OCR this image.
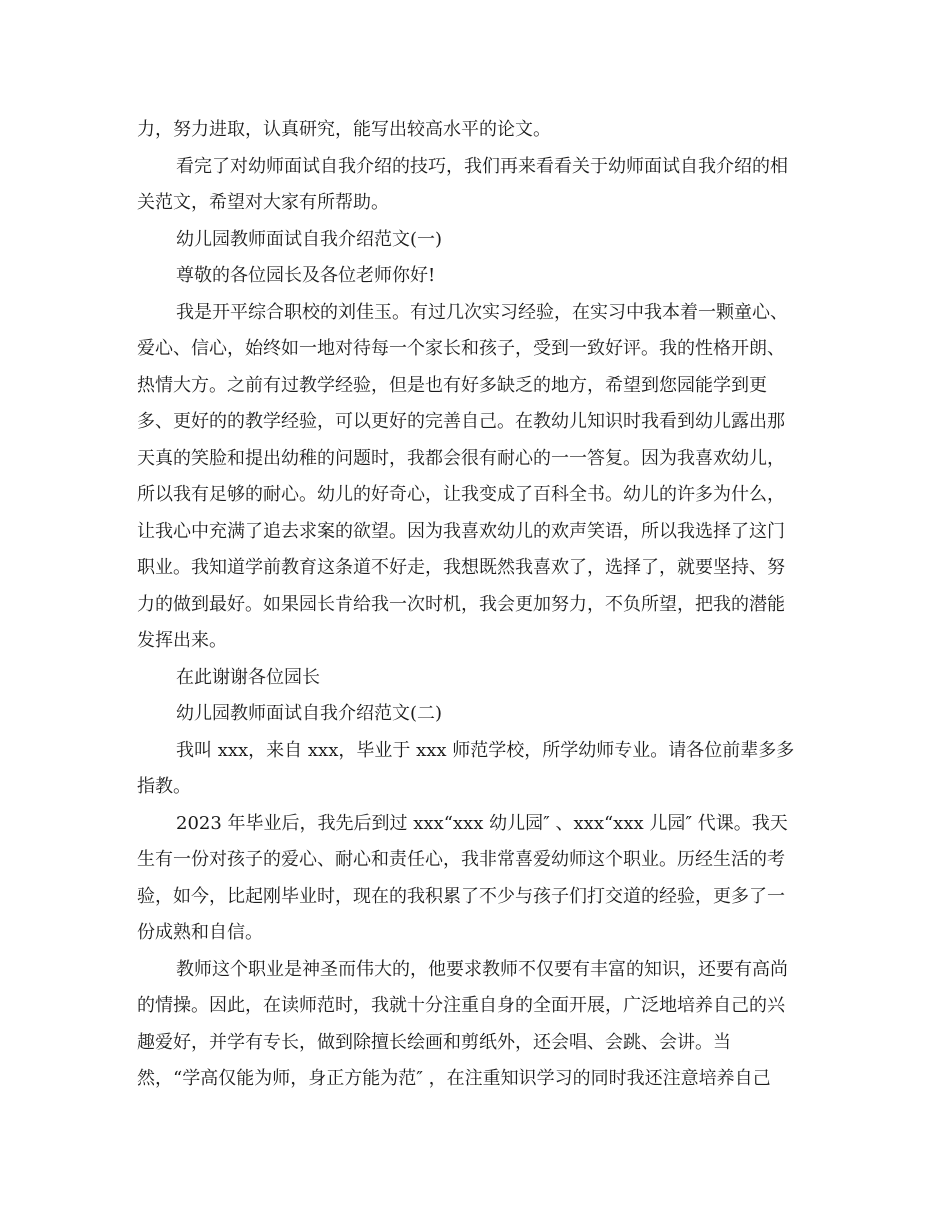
力，努力进取，认真研究，能写出较高水平的论文。
看完了对幼师面试自我介绍的技巧，我们再来看看关于幼师面试自我介绍的相
关范文，希望对大家有所帮助。
幼儿园教师面试自我介绍范文(一)
尊敬的各位园长及各位老师你好!
我是开平综合职校的刘佳玉。有过几次实习经验，在实习中我本着一颗童心、
爱心、信心，始终如一地对待每一个家长和孩子，受到一致好评。我的性格开朗、
热情大方。之前有过教学经验，但是也有好多缺乏的地方，希望到您园能学到更
多、更好的的教学经验，可以更好的完善自己。在教幼儿知识时我看到幼儿露出那
天真的笑脸和提出幼稚的问题时，我都会很有耐心的一一答复。因为我喜欢幼儿，
所以我有足够的耐心。幼儿的好奇心，让我变成了百科全书。幼儿的许多为什么，
让我心中充满了追去求案的欲望。因为我喜欢幼儿的欢声笑语，所以我选择了这门
职业。我知道学前教育这条道不好走，我想既然我喜欢了，选择了，就要坚持、努
力的做到最好。如果园长肯给我一次时机，我会更加努力，不负所望，把我的潜能
发挥出来。
在此谢谢各位园长
幼儿园教师面试自我介绍范文(二)
我叫 xxx，来自 xxx，毕业于 xxx 师范学校，所学幼师专业。请各位前辈多多
指教。
2023 年毕业后，我先后到过 xxx“xxx 幼儿园″ 、xxx“xxx 儿园″ 代课。我天
生有一份对孩子的爱心、耐心和责任心，我非常喜爱幼师这个职业。历经生活的考
验，如今，比起刚毕业时，现在的我积累了不少与孩子们打交道的经验，更多了一
份成熟和自信。
教师这个职业是神圣而伟大的，他要求教师不仅要有丰富的知识，还要有高尚
的情操。因此，在读师范时，我就十分注重自身的全面开展，广泛地培养自己的兴
趣爱好，并学有专长，做到除擅长绘画和剪纸外，还会唱、会跳、会讲。当
然，“学高仅能为师，身正方能为范″ ，在注重知识学习的同时我还注意培养自己
